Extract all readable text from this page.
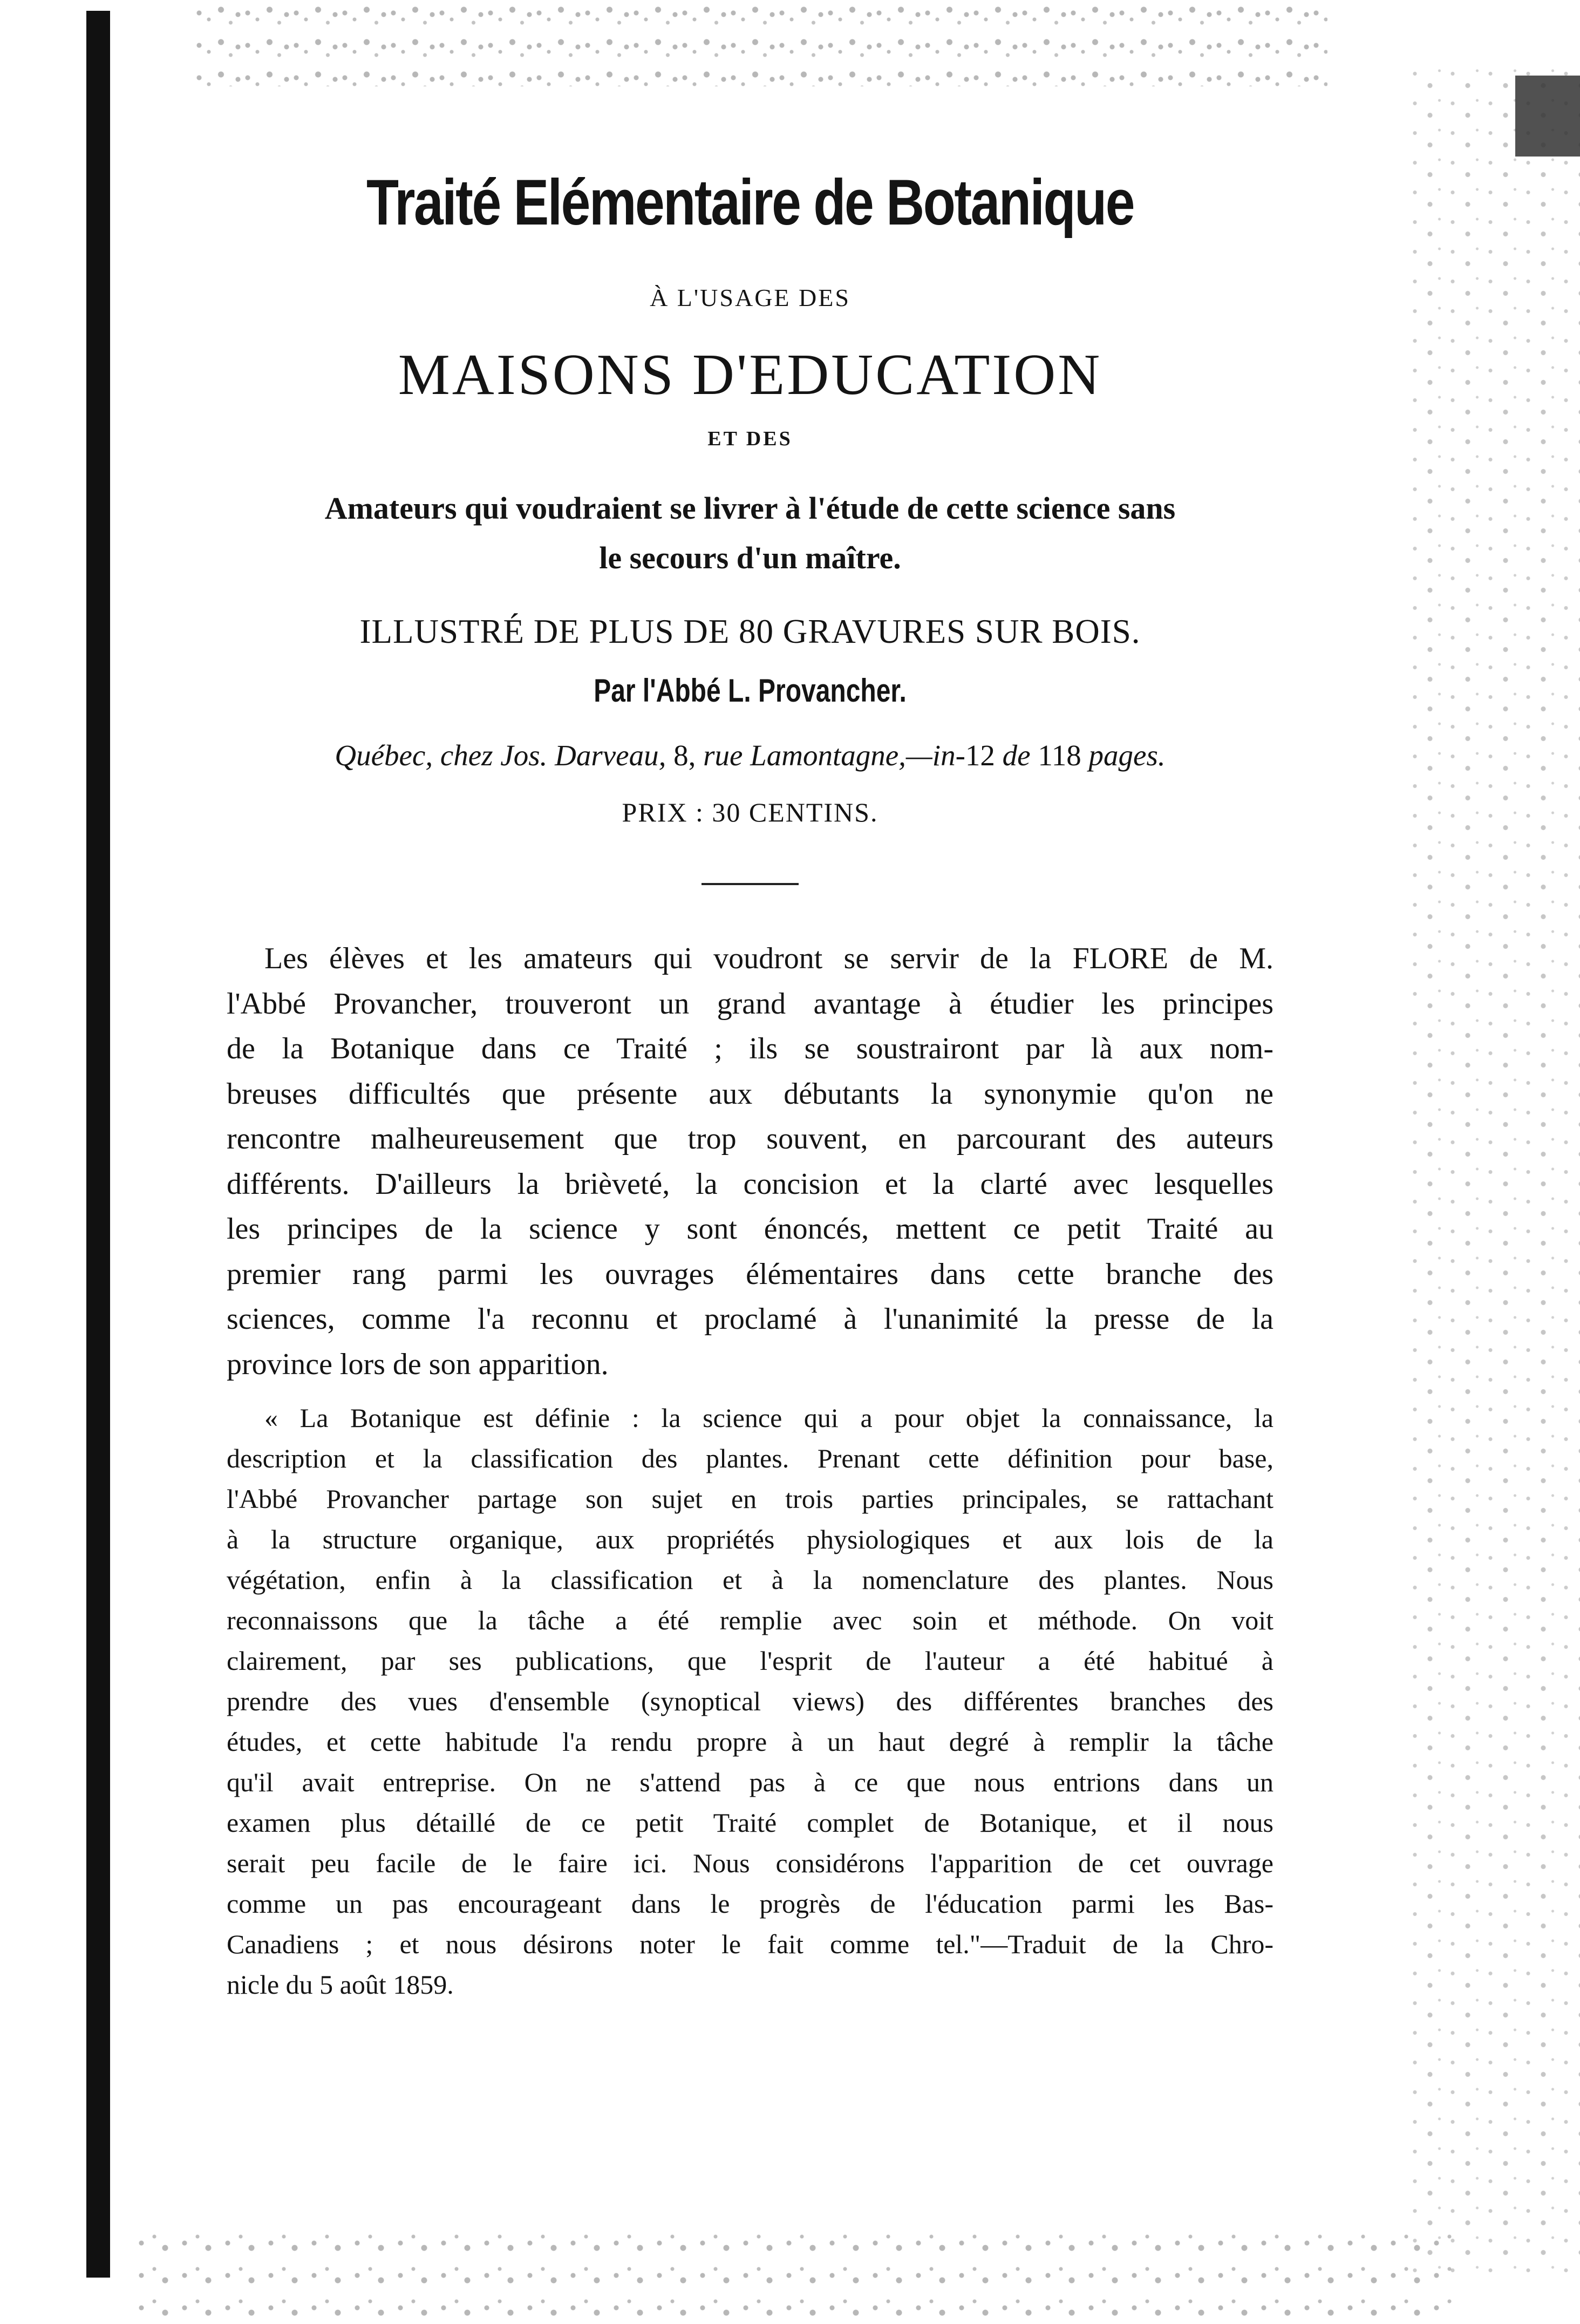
Traité Elémentaire de Botanique
À L'USAGE DES
MAISONS D'EDUCATION
ET DES
Amateurs qui voudraient se livrer à l'étude de cette science sans
le secours d'un maître.
ILLUSTRÉ DE PLUS DE 80 GRAVURES SUR BOIS.
Par l'Abbé L. Provancher.
Québec, chez Jos. Darveau, 8, rue Lamontagne,—in-12 de 118 pages.
PRIX : 30 CENTINS.
Les élèves et les amateurs qui voudront se servir de la FLORE de M.
l'Abbé Provancher, trouveront un grand avantage à étudier les principes
de la Botanique dans ce Traité ; ils se soustrairont par là aux nom-
breuses difficultés que présente aux débutants la synonymie qu'on ne
rencontre malheureusement que trop souvent, en parcourant des auteurs
différents. D'ailleurs la brièveté, la concision et la clarté avec lesquelles
les principes de la science y sont énoncés, mettent ce petit Traité au
premier rang parmi les ouvrages élémentaires dans cette branche des
sciences, comme l'a reconnu et proclamé à l'unanimité la presse de la
province lors de son apparition.
« La Botanique est définie : la science qui a pour objet la connaissance, la
description et la classification des plantes. Prenant cette définition pour base,
l'Abbé Provancher partage son sujet en trois parties principales, se rattachant
à la structure organique, aux propriétés physiologiques et aux lois de la
végétation, enfin à la classification et à la nomenclature des plantes. Nous
reconnaissons que la tâche a été remplie avec soin et méthode. On voit
clairement, par ses publications, que l'esprit de l'auteur a été habitué à
prendre des vues d'ensemble (synoptical views) des différentes branches des
études, et cette habitude l'a rendu propre à un haut degré à remplir la tâche
qu'il avait entreprise. On ne s'attend pas à ce que nous entrions dans un
examen plus détaillé de ce petit Traité complet de Botanique, et il nous
serait peu facile de le faire ici. Nous considérons l'apparition de cet ouvrage
comme un pas encourageant dans le progrès de l'éducation parmi les Bas-
Canadiens ; et nous désirons noter le fait comme tel."—Traduit de la Chro-
nicle du 5 août 1859.
